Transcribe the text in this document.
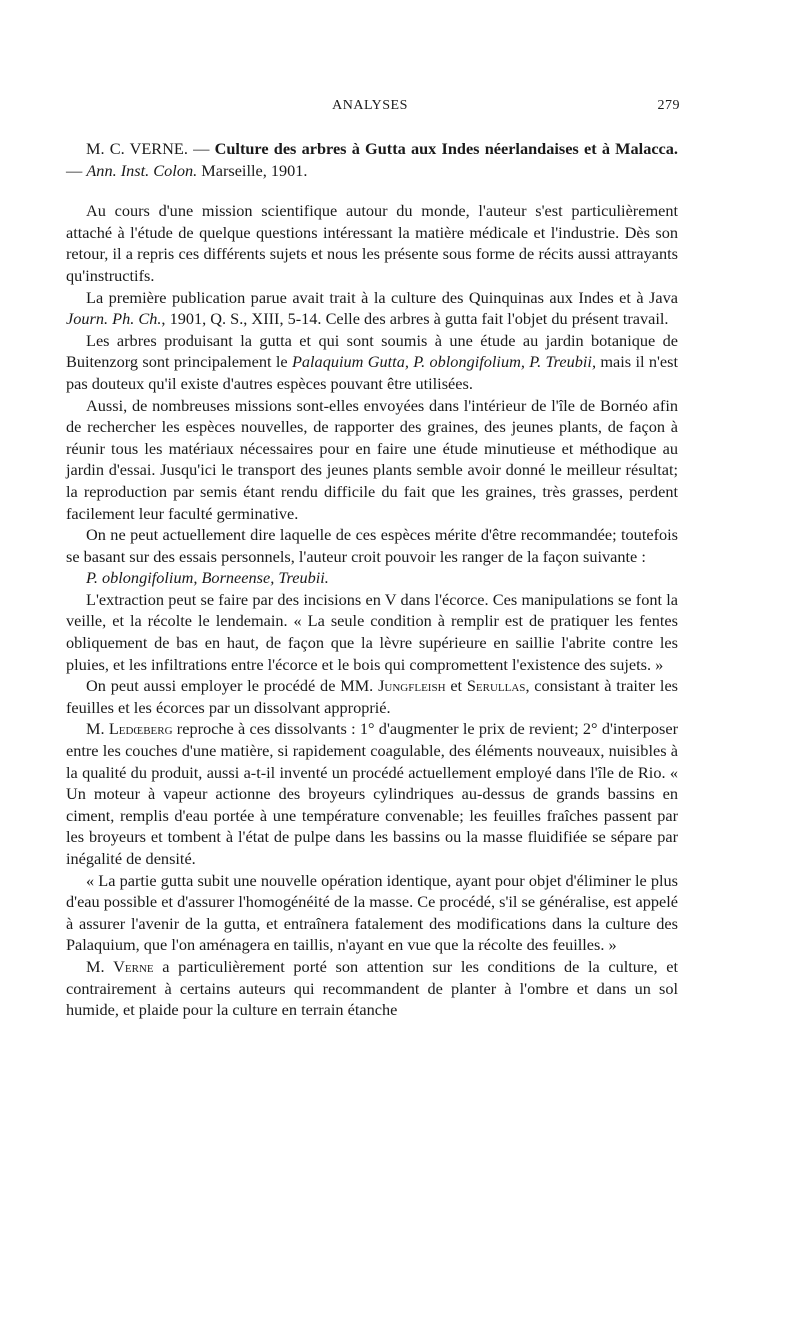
ANALYSES	279

M. C. VERNE. — Culture des arbres à Gutta aux Indes néerlandaises et à Malacca. — Ann. Inst. Colon. Marseille, 1901.

Au cours d'une mission scientifique autour du monde, l'auteur s'est particulièrement attaché à l'étude de quelque questions intéressant la matière médicale et l'industrie. Dès son retour, il a repris ces différents sujets et nous les présente sous forme de récits aussi attrayants qu'instructifs.

La première publication parue avait trait à la culture des Quinquinas aux Indes et à Java Journ. Ph. Ch., 1901, Q. S., XIII, 5-14. Celle des arbres à gutta fait l'objet du présent travail.

Les arbres produisant la gutta et qui sont soumis à une étude au jardin botanique de Buitenzorg sont principalement le Palaquium Gutta, P. oblongifolium, P. Treubii, mais il n'est pas douteux qu'il existe d'autres espèces pouvant être utilisées.

Aussi, de nombreuses missions sont-elles envoyées dans l'intérieur de l'île de Bornéo afin de rechercher les espèces nouvelles, de rapporter des graines, des jeunes plants, de façon à réunir tous les matériaux nécessaires pour en faire une étude minutieuse et méthodique au jardin d'essai. Jusqu'ici le transport des jeunes plants semble avoir donné le meilleur résultat; la reproduction par semis étant rendu difficile du fait que les graines, très grasses, perdent facilement leur faculté germinative.

On ne peut actuellement dire laquelle de ces espèces mérite d'être recommandée; toutefois se basant sur des essais personnels, l'auteur croit pouvoir les ranger de la façon suivante :

P. oblongifolium, Borneense, Treubii.

L'extraction peut se faire par des incisions en V dans l'écorce. Ces manipulations se font la veille, et la récolte le lendemain. « La seule condition à remplir est de pratiquer les fentes obliquement de bas en haut, de façon que la lèvre supérieure en saillie l'abrite contre les pluies, et les infiltrations entre l'écorce et le bois qui compromettent l'existence des sujets. »

On peut aussi employer le procédé de MM. Jungfleish et Serullas, consistant à traiter les feuilles et les écorces par un dissolvant approprié.

M. Ledœberg reproche à ces dissolvants : 1° d'augmenter le prix de revient; 2° d'interposer entre les couches d'une matière, si rapidement coagulable, des éléments nouveaux, nuisibles à la qualité du produit, aussi a-t-il inventé un procédé actuellement employé dans l'île de Rio. « Un moteur à vapeur actionne des broyeurs cylindriques au-dessus de grands bassins en ciment, remplis d'eau portée à une température convenable; les feuilles fraîches passent par les broyeurs et tombent à l'état de pulpe dans les bassins ou la masse fluidifiée se sépare par inégalité de densité.

« La partie gutta subit une nouvelle opération identique, ayant pour objet d'éliminer le plus d'eau possible et d'assurer l'homogénéité de la masse. Ce procédé, s'il se généralise, est appelé à assurer l'avenir de la gutta, et entraînera fatalement des modifications dans la culture des Palaquium, que l'on aménagera en taillis, n'ayant en vue que la récolte des feuilles. »

M. Verne a particulièrement porté son attention sur les conditions de la culture, et contrairement à certains auteurs qui recommandent de planter à l'ombre et dans un sol humide, et plaide pour la culture en terrain étanche
